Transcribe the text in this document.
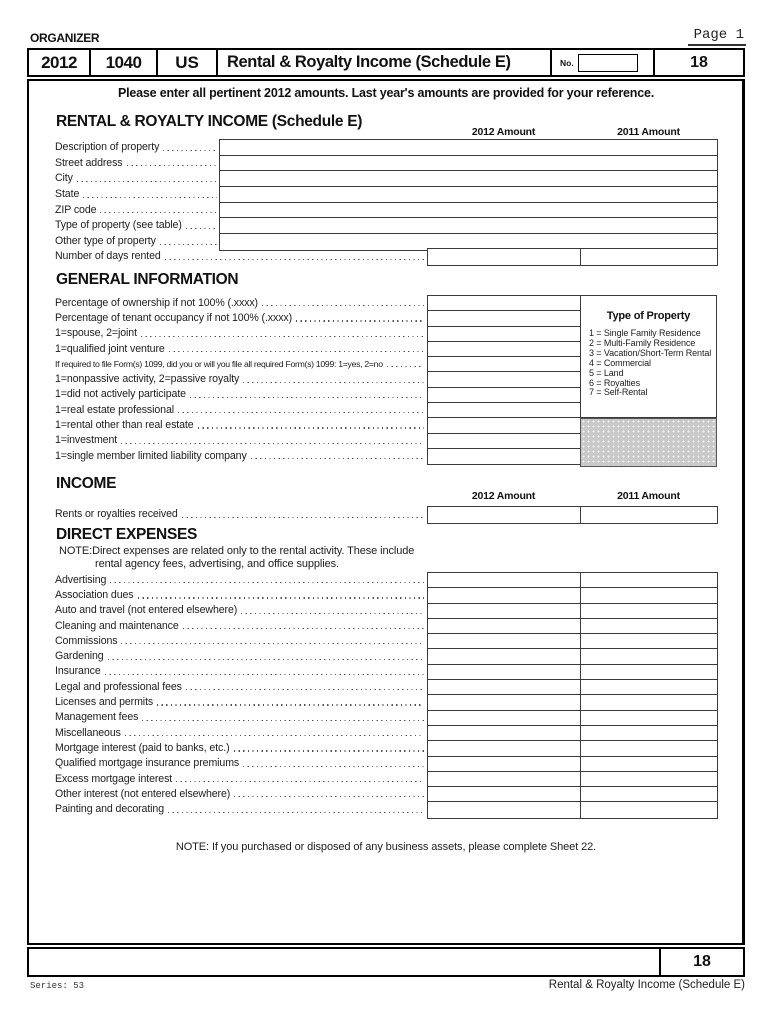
ORGANIZER	Page 1
2012	1040	US	Rental & Royalty Income (Schedule E)	No.	18
Please enter all pertinent 2012 amounts. Last year's amounts are provided for your reference.
RENTAL & ROYALTY INCOME (Schedule E)
2012 Amount	2011 Amount
Description of property
Street address
City
State
ZIP code
Type of property (see table)
Other type of property
Number of days rented
GENERAL INFORMATION
Percentage of ownership if not 100% (.xxxx)
Percentage of tenant occupancy if not 100% (.xxxx)
1=spouse, 2=joint
1=qualified joint venture
If required to file Form(s) 1099, did you or will you file all required Form(s) 1099: 1=yes, 2=no
1=nonpassive activity, 2=passive royalty
1=did not actively participate
1=real estate professional
1=rental other than real estate
1=investment
1=single member limited liability company
Type of Property
1 = Single Family Residence
2 = Multi-Family Residence
3 = Vacation/Short-Term Rental
4 = Commercial
5 = Land
6 = Royalties
7 = Self-Rental
INCOME
2012 Amount	2011 Amount
Rents or royalties received
DIRECT EXPENSES
NOTE:Direct expenses are related only to the rental activity. These include
rental agency fees, advertising, and office supplies.
Advertising
Association dues
Auto and travel (not entered elsewhere)
Cleaning and maintenance
Commissions
Gardening
Insurance
Legal and professional fees
Licenses and permits
Management fees
Miscellaneous
Mortgage interest (paid to banks, etc.)
Qualified mortgage insurance premiums
Excess mortgage interest
Other interest (not entered elsewhere)
Painting and decorating
NOTE: If you purchased or disposed of any business assets, please complete Sheet 22.
18
Series: 53	Rental & Royalty Income (Schedule E)
